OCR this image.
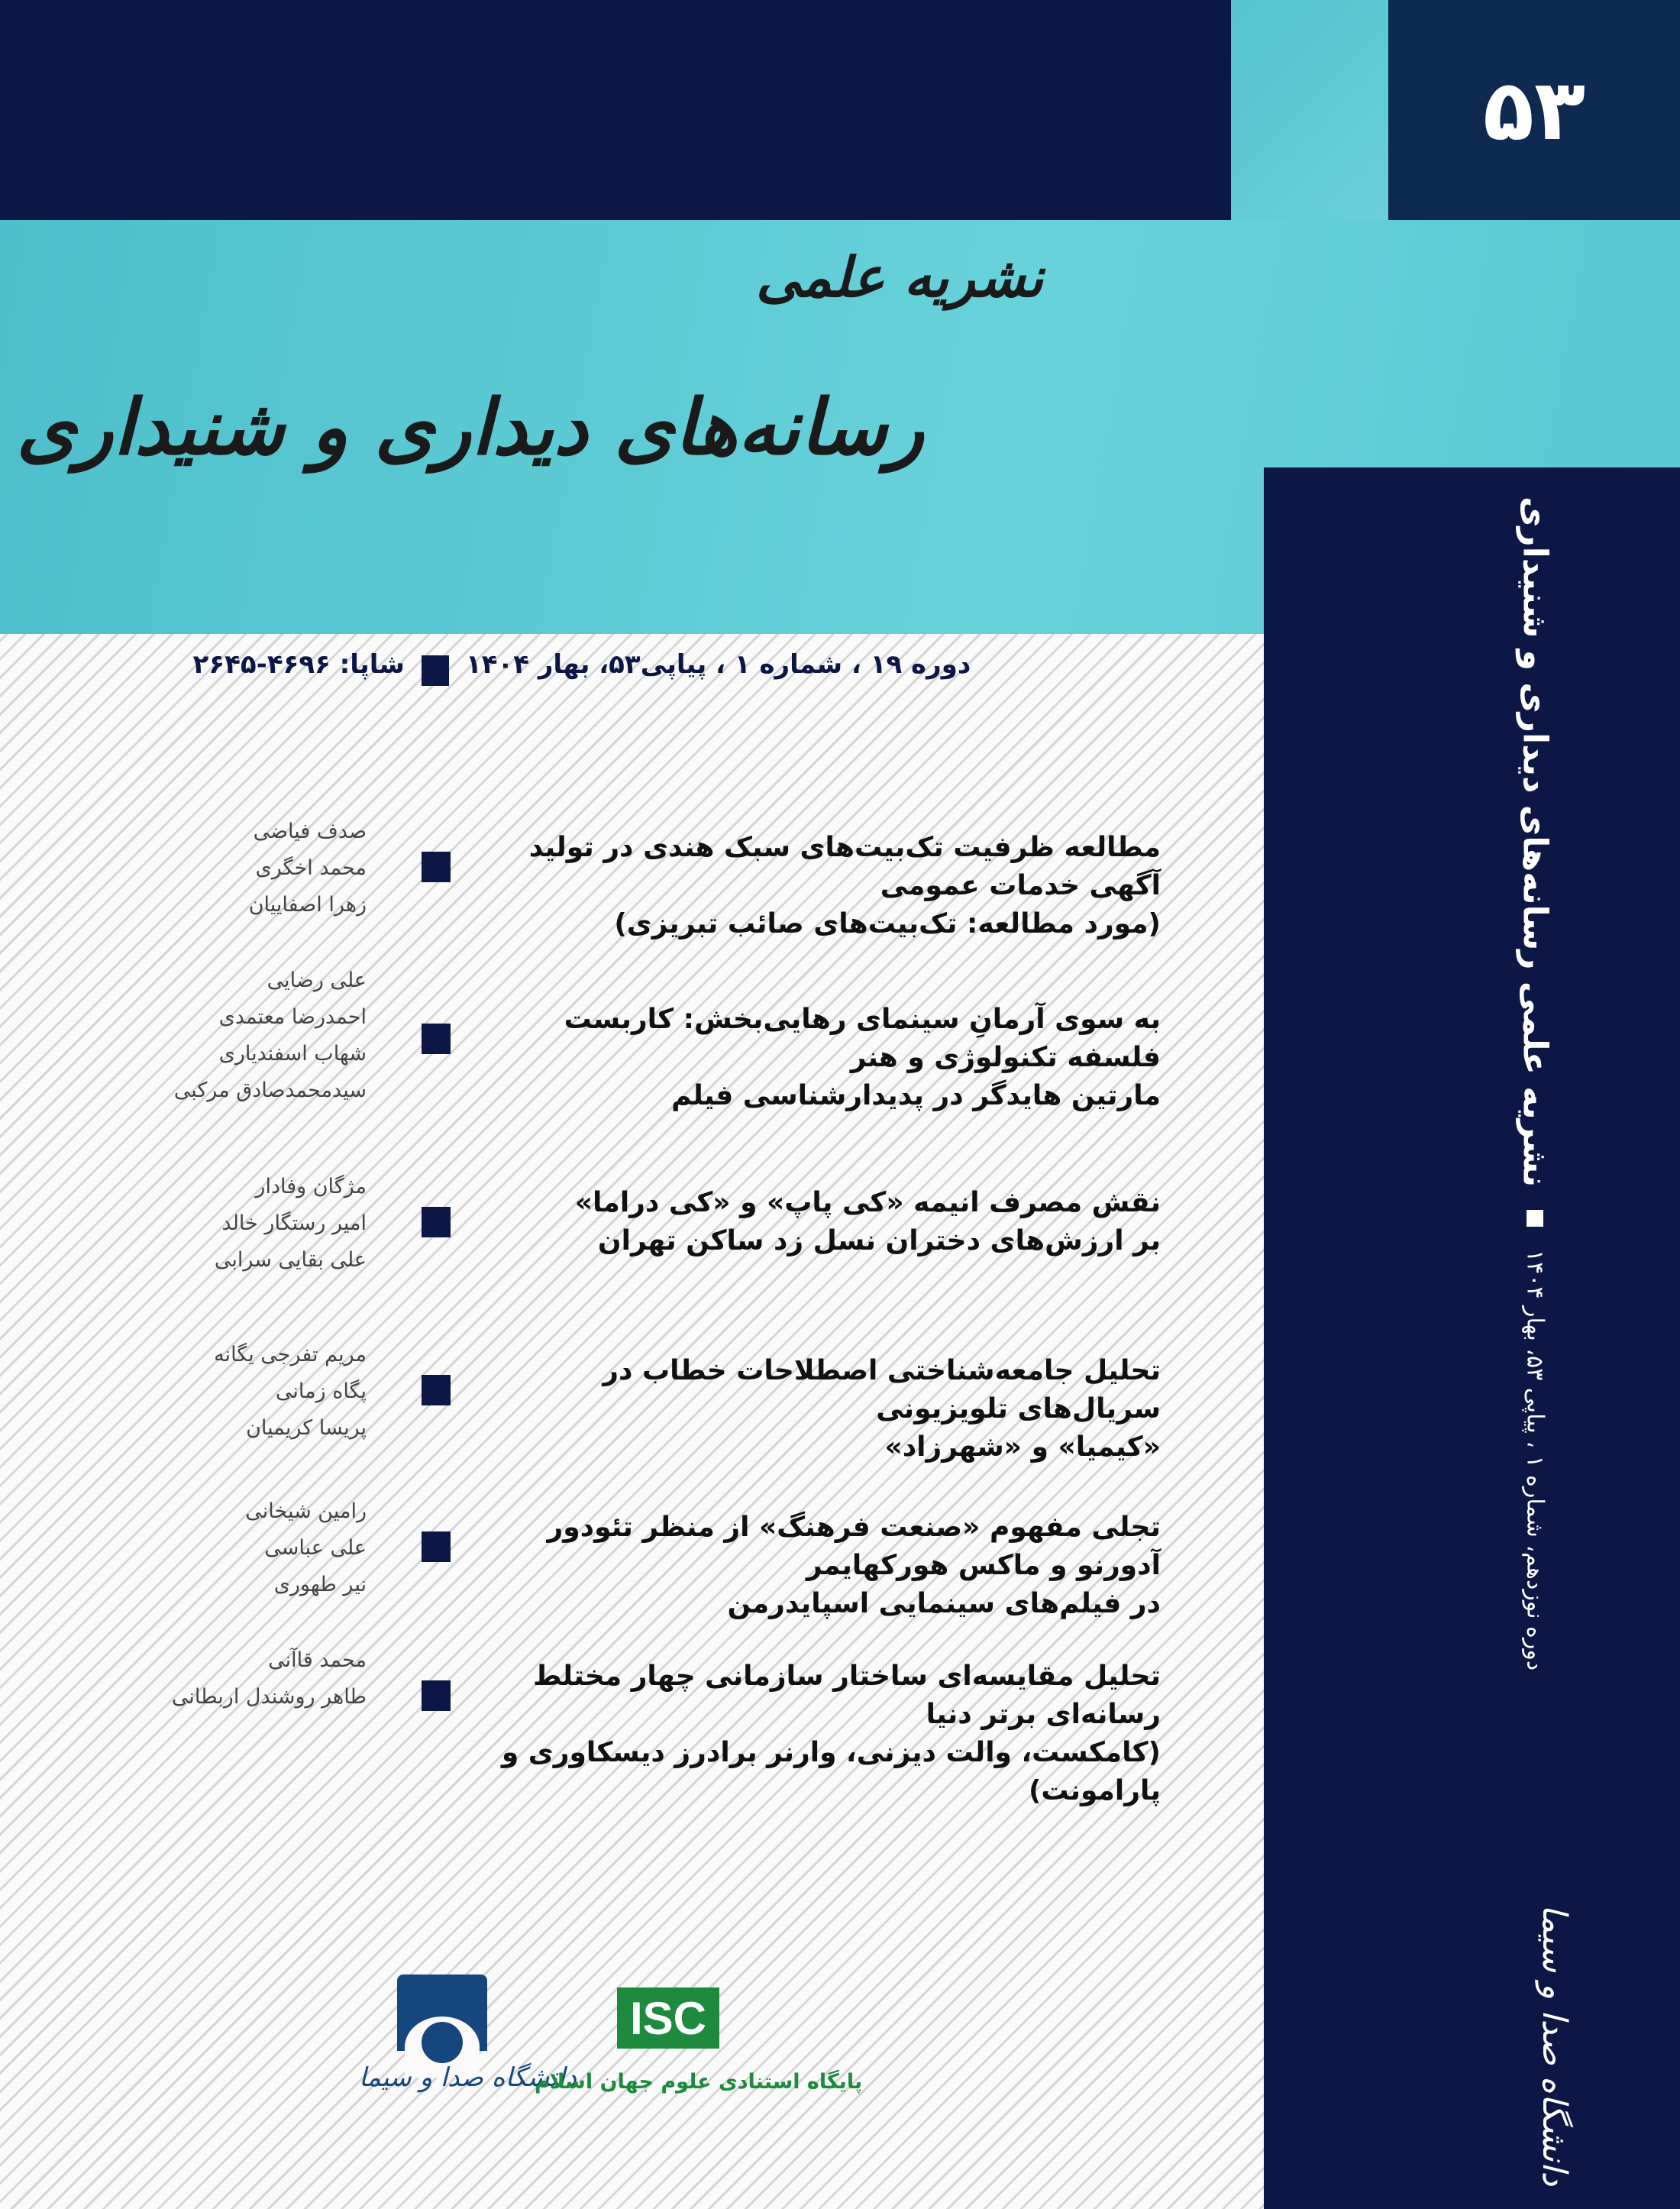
۵۳
نشریه علمی
رسانه‌های دیداری و شنیداری
نشریه علمی رسانه‌های دیداری و شنیداری
دوره نوزدهم، شماره ۱ ، پیاپی ۵۳، بهار ۱۴۰۴
دانشگاه صدا و سیما
دوره ۱۹ ، شماره ۱ ، پیاپی۵۳، بهار ۱۴۰۴
شاپا: ۴۶۹۶-۲۶۴۵
مطالعه ظرفیت تک‌بیت‌های سبک هندی در تولید آگهی خدمات عمومی
(مورد مطالعه: تک‌بیت‌های صائب تبریزی)
صدف فیاضی
محمد اخگری
زهرا اصفاییان
به سوی آرمانِ سینمای رهایی‌بخش: کاربست فلسفه تکنولوژی و هنر
مارتین هایدگر در پدیدارشناسی فیلم
علی رضایی
احمدرضا معتمدی
شهاب اسفندیاری
سیدمحمدصادق مرکبی
نقش مصرف انیمه «کی پاپ» و «کی دراما»
بر ارزش‌های دختران نسل زد ساکن تهران
مژگان وفادار
امیر رستگار خالد
علی بقایی سرابی
تحلیل جامعه‌شناختی اصطلاحات خطاب در سریال‌های تلویزیونی
«کیمیا» و «شهرزاد»
مریم تفرجی یگانه
پگاه زمانی
پریسا کریمیان
تجلی مفهوم «صنعت فرهنگ» از منظر تئودور آدورنو و ماکس هورکهایمر
در فیلم‌های سینمایی اسپایدرمن
رامین شیخانی
علی عباسی
نیر طهوری
تحلیل مقایسه‌ای ساختار سازمانی چهار مختلط رسانه‌ای برتر دنیا
(کامکست، والت دیزنی، وارنر برادرز دیسکاوری و پارامونت)
محمد قاآنی
طاهر روشندل اربطانی
دانشگاه صدا و سیما
ISC
پایگاه استنادی علوم جهان اسلام
